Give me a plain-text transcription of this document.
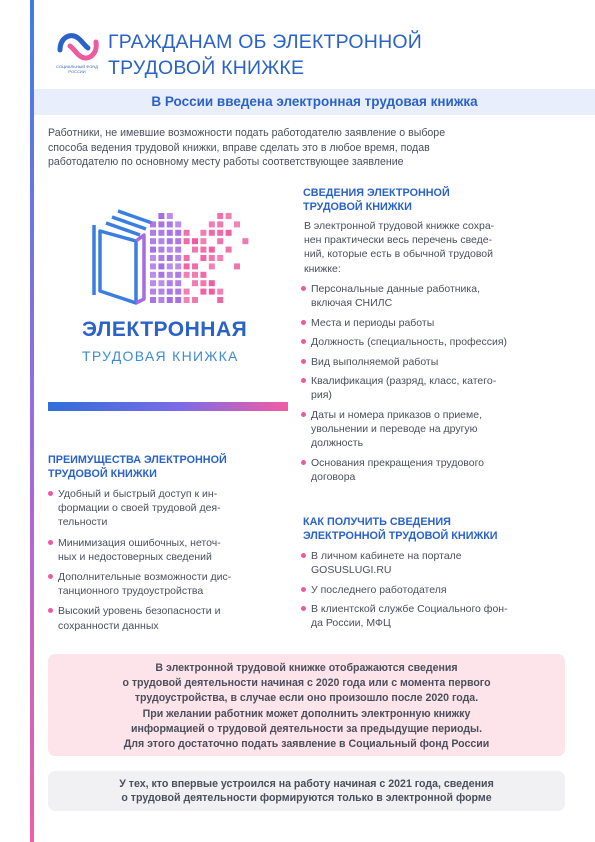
СОЦИАЛЬНЫЙ ФОНД РОССИИ
ГРАЖДАНАМ ОБ ЭЛЕКТРОННОЙ
ТРУДОВОЙ КНИЖКЕ
В России введена электронная трудовая книжка
Работники, не имевшие возможности подать работодателю заявление о выборе
способа ведения трудовой книжки, вправе сделать это в любое время, подав
работодателю по основному месту работы соответствующее заявление
ЭЛЕКТРОННАЯ
ТРУДОВАЯ КНИЖКА
СВЕДЕНИЯ ЭЛЕКТРОННОЙ
ТРУДОВОЙ КНИЖКИ
В электронной трудовой книжке сохра-
нен практически весь перечень сведе-
ний, которые есть в обычной трудовой
книжке:
Персональные данные работника,
включая СНИЛС
Места и периоды работы
Должность (специальность, профессия)
Вид выполняемой работы
Квалификация (разряд, класс, катего-
рия)
Даты и номера приказов о приеме,
увольнении и переводе на другую
должность
Основания прекращения трудового
договора
КАК ПОЛУЧИТЬ СВЕДЕНИЯ
ЭЛЕКТРОННОЙ ТРУДОВОЙ КНИЖКИ
В личном кабинете на портале
GOSUSLUGI.RU
У последнего работодателя
В клиентской службе Социального фон-
да России, МФЦ
ПРЕИМУЩЕСТВА ЭЛЕКТРОННОЙ
ТРУДОВОЙ КНИЖКИ
Удобный и быстрый доступ к ин-
формации о своей трудовой дея-
тельности
Минимизация ошибочных, неточ-
ных и недостоверных сведений
Дополнительные возможности дис-
танционного трудоустройства
Высокий уровень безопасности и
сохранности данных

В электронной трудовой книжке отображаются сведения
о трудовой деятельности начиная с 2020 года или с момента первого
трудоустройства, в случае если оно произошло после 2020 года.
При желании работник может дополнить электронную книжку
информацией о трудовой деятельности за предыдущие периоды.
Для этого достаточно подать заявление в Социальный фонд России

У тех, кто впервые устроился на работу начиная с 2021 года, сведения
о трудовой деятельности формируются только в электронной форме
